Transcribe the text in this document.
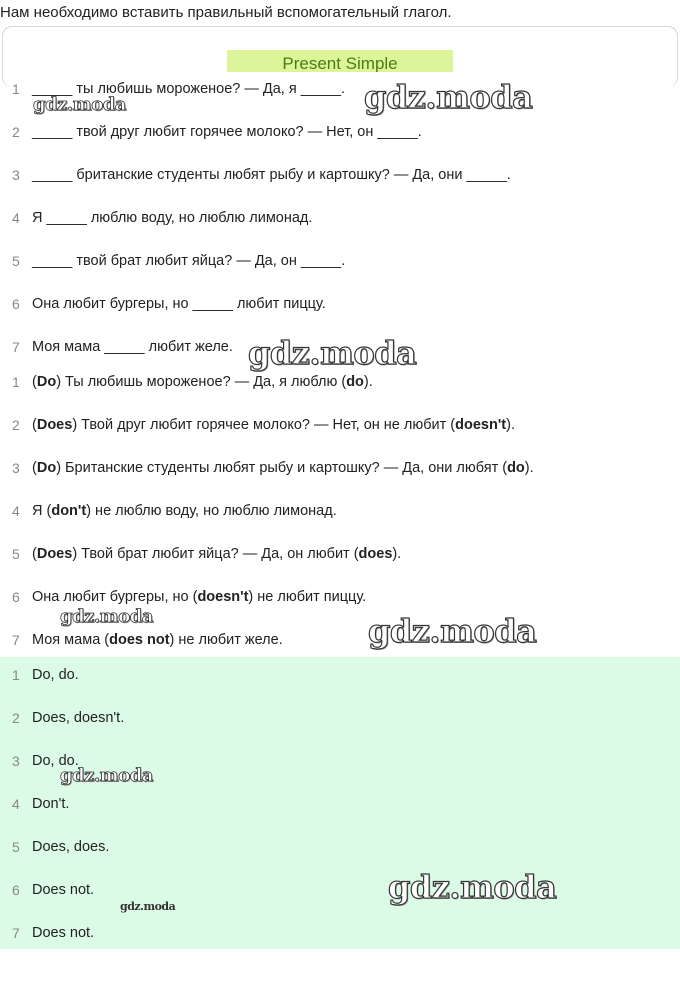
Нам необходимо вставить правильный вспомогательный глагол.
Present Simple
1 _____ ты любишь мороженое? — Да, я _____.
2 _____ твой друг любит горячее молоко? — Нет, он _____.
3 _____ британские студенты любят рыбу и картошку? — Да, они _____.
4 Я _____ люблю воду, но люблю лимонад.
5 _____ твой брат любит яйца? — Да, он _____.
6 Она любит бургеры, но _____ любит пиццу.
7 Моя мама _____ любит желе.
1 (Do) Ты любишь мороженое? — Да, я люблю (do).
2 (Does) Твой друг любит горячее молоко? — Нет, он не любит (doesn't).
3 (Do) Британские студенты любят рыбу и картошку? — Да, они любят (do).
4 Я (don't) не люблю воду, но люблю лимонад.
5 (Does) Твой брат любит яйца? — Да, он любит (does).
6 Она любит бургеры, но (doesn't) не любит пиццу.
7 Моя мама (does not) не любит желе.
1 Do, do.
2 Does, doesn't.
3 Do, do.
4 Don't.
5 Does, does.
6 Does not.
7 Does not.
gdz.moda
gdz.moda
gdz.moda
gdz.moda	gdz.moda
gdz.moda
gdz.moda
gdz.moda
